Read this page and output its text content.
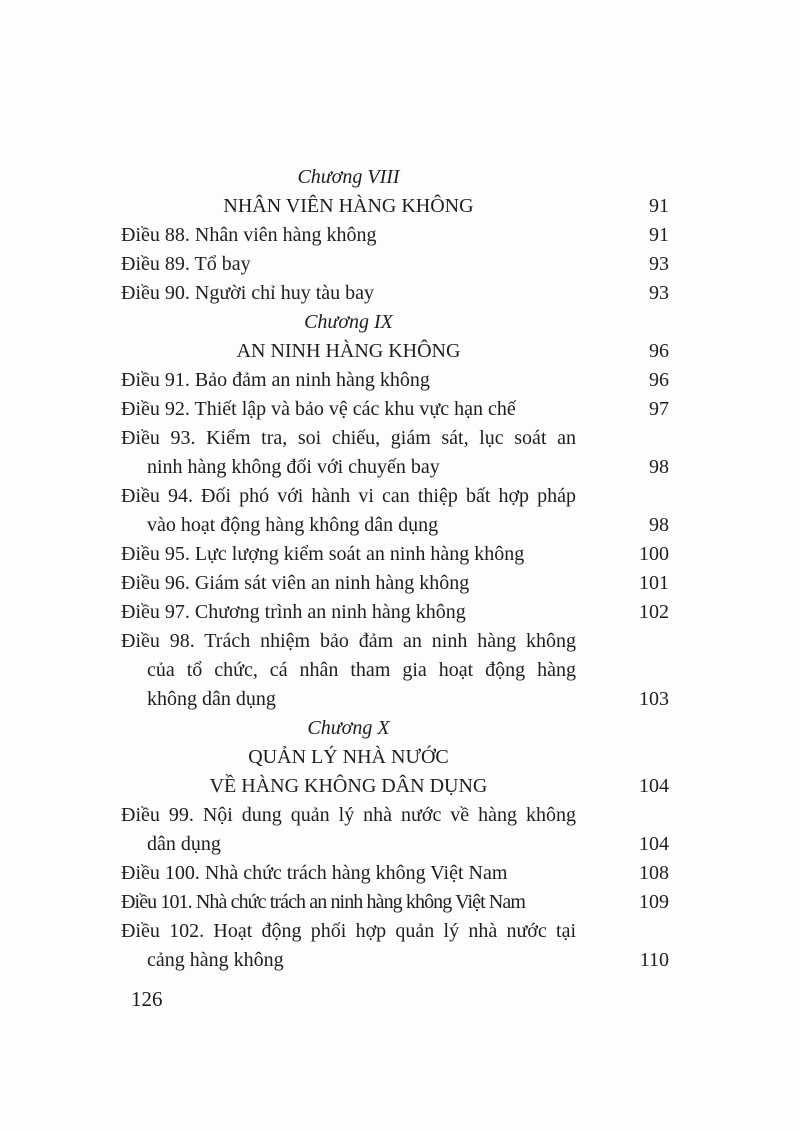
Chương VIII
NHÂN VIÊN HÀNG KHÔNG	91
Điều 88. Nhân viên hàng không	91
Điều 89. Tổ bay	93
Điều 90. Người chỉ huy tàu bay	93
Chương IX
AN NINH HÀNG KHÔNG	96
Điều 91. Bảo đảm an ninh hàng không	96
Điều 92. Thiết lập và bảo vệ các khu vực hạn chế	97
Điều 93. Kiểm tra, soi chiếu, giám sát, lục soát an
ninh hàng không đối với chuyến bay	98
Điều 94. Đối phó với hành vi can thiệp bất hợp pháp
vào hoạt động hàng không dân dụng	98
Điều 95. Lực lượng kiểm soát an ninh hàng không	100
Điều 96. Giám sát viên an ninh hàng không	101
Điều 97. Chương trình an ninh hàng không	102
Điều 98. Trách nhiệm bảo đảm an ninh hàng không
của tổ chức, cá nhân tham gia hoạt động hàng
không dân dụng	103
Chương X
QUẢN LÝ NHÀ NƯỚC
VỀ HÀNG KHÔNG DÂN DỤNG	104
Điều 99. Nội dung quản lý nhà nước về hàng không
dân dụng	104
Điều 100. Nhà chức trách hàng không Việt Nam	108
Điều 101. Nhà chức trách an ninh hàng không Việt Nam	109
Điều 102. Hoạt động phối hợp quản lý nhà nước tại
cảng hàng không	110
126
